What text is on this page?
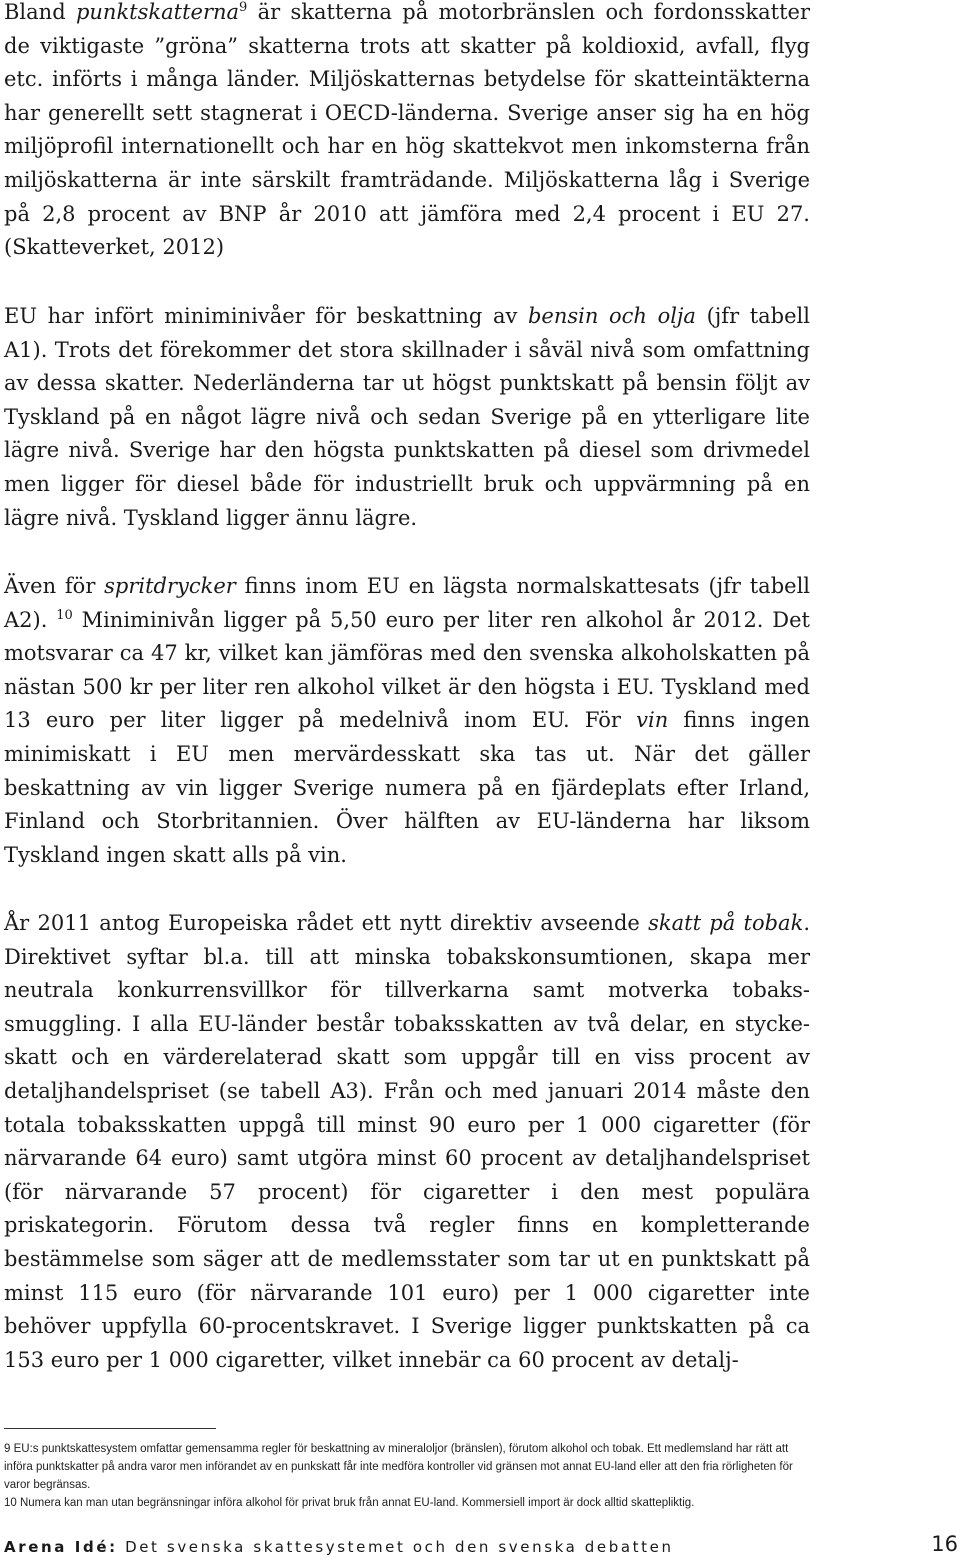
Bland punktskatterna$^9$ är skatterna på motorbränslen och fordonsskatter de viktigaste ”gröna” skatterna trots att skatter på koldioxid, avfall, flyg etc. införts i många länder. Miljöskatternas betydelse för skatteintäkterna har generellt sett stagnerat i OECD-länderna. Sverige anser sig ha en hög miljöprofil internationellt och har en hög skattekvot men inkomsterna från miljöskatterna är inte särskilt framträdande. Miljöskatterna låg i Sverige på 2,8 procent av BNP år 2010 att jämföra med 2,4 procent i EU 27. (Skatteverket, 2012)

EU har infört miniminivåer för beskattning av bensin och olja (jfr tabell A1). Trots det förekommer det stora skillnader i såväl nivå som omfattning av dessa skatter. Nederländerna tar ut högst punktskatt på bensin följt av Tyskland på en något lägre nivå och sedan Sverige på en ytterligare lite lägre nivå. Sverige har den högsta punktskatten på diesel som drivmedel men ligger för diesel både för industriellt bruk och uppvärmning på en lägre nivå. Tyskland ligger ännu lägre.

Även för spritdrycker finns inom EU en lägsta normalskattesats (jfr tabell A2). $^{10}$ Miniminivån ligger på 5,50 euro per liter ren alkohol år 2012. Det motsvarar ca 47 kr, vilket kan jämföras med den svenska alkoholskatten på nästan 500 kr per liter ren alkohol vilket är den högsta i EU. Tyskland med 13 euro per liter ligger på medelnivå inom EU. För vin finns ingen minimiskatt i EU men mervärdesskatt ska tas ut. När det gäller beskattning av vin ligger Sverige numera på en fjärdeplats efter Irland, Finland och Storbritannien. Över hälften av EU-länderna har liksom Tyskland ingen skatt alls på vin.

År 2011 antog Europeiska rådet ett nytt direktiv avseende skatt på tobak. Direktivet syftar bl.a. till att minska tobakskonsumtionen, skapa mer neutrala konkurrensvillkor för tillverkarna samt motverka tobakssmuggling. I alla EU-länder består tobaksskatten av två delar, en styckeskatt och en värderelaterad skatt som uppgår till en viss procent av detaljhandelspriset (se tabell A3). Från och med januari 2014 måste den totala tobaksskatten uppgå till minst 90 euro per 1 000 cigaretter (för närvarande 64 euro) samt utgöra minst 60 procent av detaljhandelspriset (för närvarande 57 procent) för cigaretter i den mest populära priskategorin. Förutom dessa två regler finns en kompletterande bestämmelse som säger att de medlemsstater som tar ut en punktskatt på minst 115 euro (för närvarande 101 euro) per 1 000 cigaretter inte behöver uppfylla 60-procentskravet. I Sverige ligger punktskatten på ca 153 euro per 1 000 cigaretter, vilket innebär ca 60 procent av detalj-

9 EU:s punktskattesystem omfattar gemensamma regler för beskattning av mineraloljor (bränslen), förutom alkohol och tobak. Ett medlemsland har rätt att införa punktskatter på andra varor men införandet av en punkskatt får inte medföra kontroller vid gränsen mot annat EU-land eller att den fria rörligheten för varor begränsas.
10 Numera kan man utan begränsningar införa alkohol för privat bruk från annat EU-land. Kommersiell import är dock alltid skattepliktig.
Arena Idé: Det svenska skattesystemet och den svenska debatten	16
